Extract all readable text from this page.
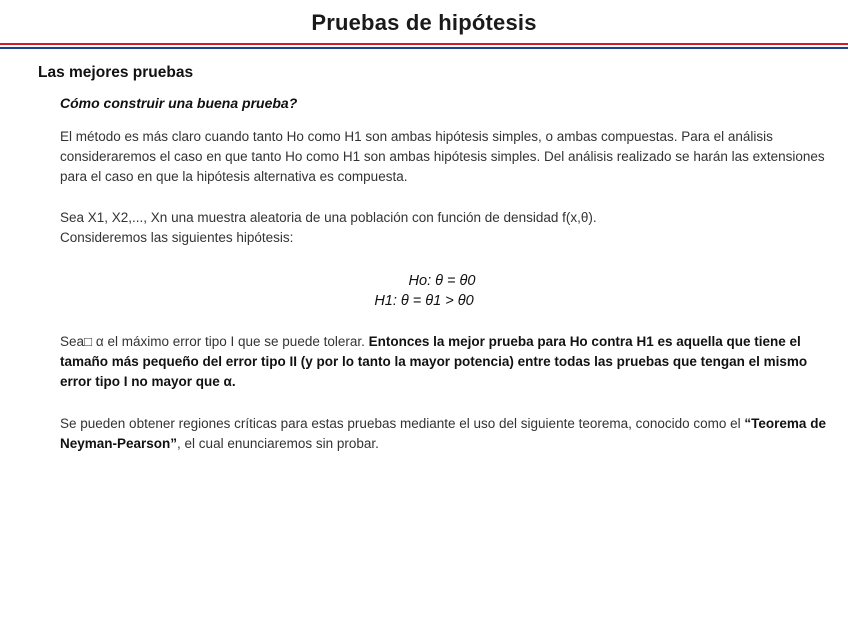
Pruebas de hipótesis
Las mejores pruebas
Cómo construir una buena prueba?
El método es más claro cuando tanto Ho como H1 son ambas hipótesis simples, o ambas compuestas. Para el análisis consideraremos el caso en que tanto Ho como H1 son ambas hipótesis simples. Del análisis realizado se harán las extensiones para el caso en que la hipótesis alternativa es compuesta.
Sea X1, X2,..., Xn una muestra aleatoria de una población con función de densidad f(x,θ).
Consideremos las siguientes hipótesis:
Ho: θ = θ0
H1: θ = θ1 > θ0
Sea□ α el máximo error tipo I que se puede tolerar. Entonces la mejor prueba para Ho contra H1 es aquella que tiene el tamaño más pequeño del error tipo II (y por lo tanto la mayor potencia) entre todas las pruebas que tengan el mismo error tipo I no mayor que α.
Se pueden obtener regiones críticas para estas pruebas mediante el uso del siguiente teorema, conocido como el “Teorema de Neyman-Pearson”, el cual enunciaremos sin probar.
